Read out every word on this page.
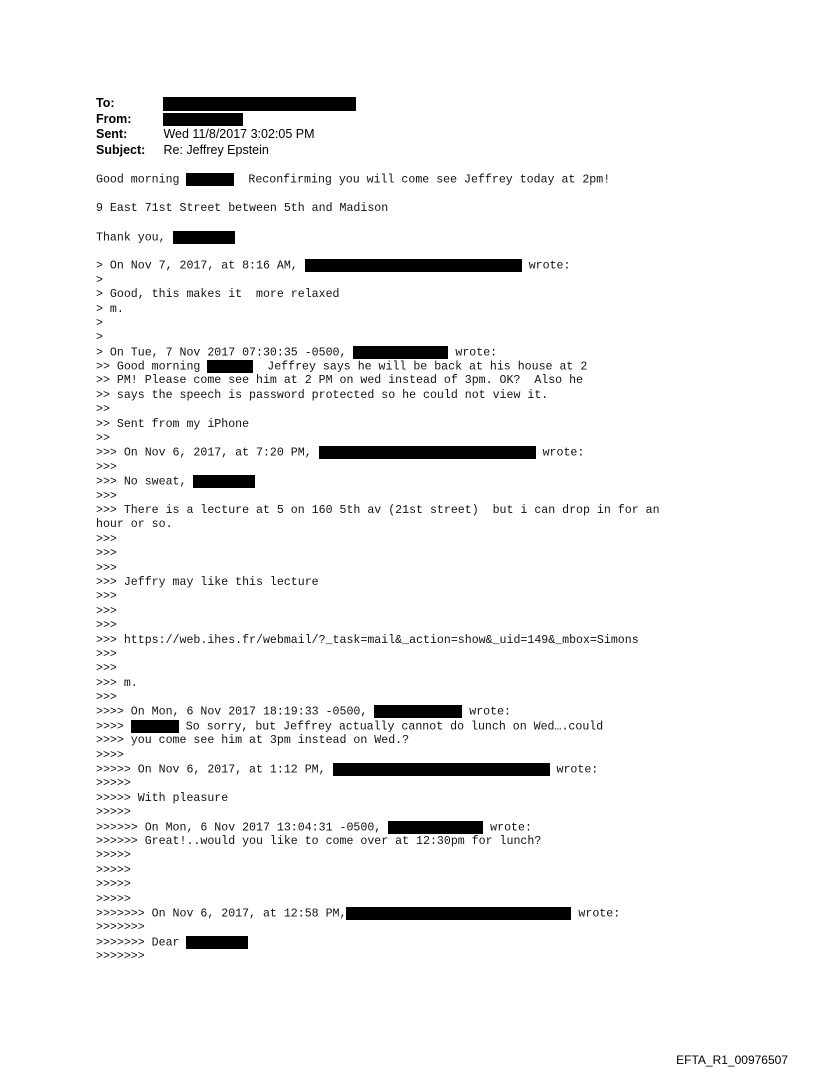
To:
From:
Sent:	Wed 11/8/2017 3:02:05 PM
Subject: Re: Jeffrey Epstein
Good morning	Reconfirming you will come see Jeffrey today at 2pm!
9 East 71st Street between 5th and Madison
Thank you,
> On Nov 7, 2017, at 8:16 AM,	wrote:
>
> Good, this makes it  more relaxed
> m.
>
>
> On Tue, 7 Nov 2017 07:30:35 -0500,	wrote:
>> Good morning	Jeffrey says he will be back at his house at 2
>> PM! Please come see him at 2 PM on wed instead of 3pm. OK?  Also he
>> says the speech is password protected so he could not view it.
>>
>> Sent from my iPhone
>>
>>> On Nov 6, 2017, at 7:20 PM,	wrote:
>>>
>>> No sweat,
>>>
>>> There is a lecture at 5 on 160 5th av (21st street)  but i can drop in for an
hour or so.
>>>
>>>
>>>
>>> Jeffry may like this lecture
>>>
>>>
>>>
>>> https://web.ihes.fr/webmail/?_task=mail&_action=show&_uid=149&_mbox=Simons
>>>
>>>
>>> m.
>>>
>>>> On Mon, 6 Nov 2017 18:19:33 -0500,	wrote:
>>>>	So sorry, but Jeffrey actually cannot do lunch on Wed….could
>>>> you come see him at 3pm instead on Wed.?
>>>>
>>>>> On Nov 6, 2017, at 1:12 PM,	wrote:
>>>>>
>>>>> With pleasure
>>>>>
>>>>>> On Mon, 6 Nov 2017 13:04:31 -0500,	wrote:
>>>>>> Great!..would you like to come over at 12:30pm for lunch?
>>>>>
>>>>>
>>>>>
>>>>>
>>>>>>> On Nov 6, 2017, at 12:58 PM,	wrote:
>>>>>>>
>>>>>>> Dear
>>>>>>>
EFTA_R1_00976507
